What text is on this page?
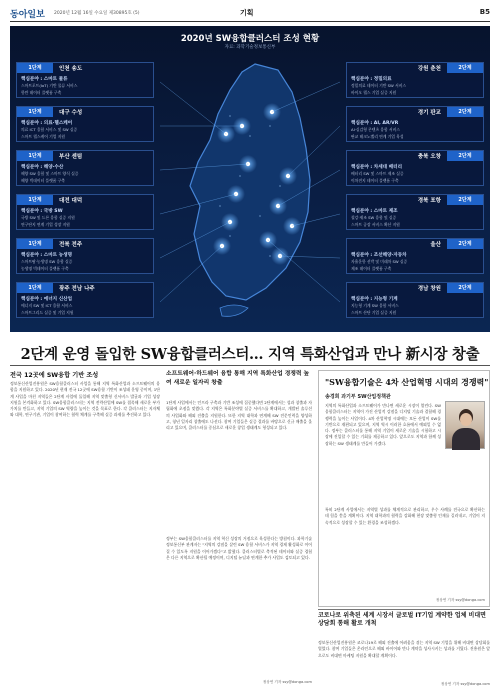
동아일보 2020년 12월 16일 수요일 제30895호 (5)	기획	B5
2020년 SW융합클러스터 조성 현황
자료: 과학기술정보통신부
1단계	인천 송도
핵심분야 : 스마트 물류
스마트포트(IoT) 기반 물류 서비스
항만 데이터 플랫폼 구축
1단계	대구 수성
핵심분야 : 의료·헬스케어
의료 ICT 융합 서비스 및 SW 실증
스마트 헬스케어 기업 지원
1단계	부산 센텀
핵심분야 : 해양·수산
해양 SW 융합 및 스마트 양식 실증
해양 빅데이터 플랫폼 구축
1단계	대전 대덕
핵심분야 : 국방 SW
국방 SW 및 드론 융합 실증 지원
연구단지 연계 기업 성장 지원
1단계	전북 전주
핵심분야 : 스마트 농생명
스마트팜·농생명 SW 융합 실증
농생명 빅데이터 플랫폼 구축
1단계	광주 전남 나주
핵심분야 : 에너지 신산업
에너지 SW 및 ICT 융합 서비스
스마트그리드 실증 및 기업 지원
2단계
강원 춘천
핵심분야 : 정밀의료
정밀의료 데이터 기반 SW 서비스
바이오 헬스 기업 실증 지원
2단계
경기 판교
핵심분야 : AI, AR/VR
AI·실감형 콘텐츠 융합 서비스
판교 테크노밸리 연계 기업 육성
2단계
충북 오창
핵심분야 : 차세대 배터리
배터리 SW 및 스마트 제조 실증
이차전지 데이터 플랫폼 구축
2단계
경북 포항
핵심분야 : 스마트 제조
철강·제조 SW 융합 및 실증
스마트 공장 서비스 확산 지원
2단계
울산
핵심분야 : 조선해양·자동차
자율운항 선박 및 미래차 SW 실증
제조 데이터 플랫폼 구축
2단계
경남 창원
핵심분야 : 지능형 기계
지능형 기계 SW 융합 서비스
스마트 산단 기업 실증 지원
2단계 운영 돌입한 SW융합클러스터… 지역 특화산업과 만나 新시장 창출
전국 12곳에 SW융합 기반 조성
정보통신산업진흥원은 SW융합클러스터 사업을 통해 지역 특화산업과 소프트웨어의 융합을 지원하고 있다. 2020년 현재 전국 12곳에 SW융합 기반이 조성돼 운영 중이며, 1단계 사업을 마친 지역들은 2단계 사업에 돌입해 지역 맞춤형 신서비스 발굴과 기업 성장 지원을 본격화하고 있다. SW융합클러스터는 지역 전략산업에 SW를 접목해 새로운 부가가치를 만들고, 지역 기업의 SW 역량을 높이는 것을 목표로 한다. 각 클러스터는 지자체와 대학, 연구기관, 기업이 참여하는 협력 체계를 구축해 실증 과제를 추진하고 있다.
소프트웨어·하드웨어 융합 통해 지역 특화산업 경쟁력 높여 새로운 일자리 창출
1단계 사업에서는 인프라 구축과 기반 조성에 집중했다면 2단계에서는 성과 창출과 자립화에 초점을 맞췄다. 각 지역은 특화분야별 실증 서비스를 확대하고, 개발된 솔루션의 사업화와 해외 진출을 지원한다. 또한 지역 대학과 연계해 SW 전문인력을 양성하고, 청년 일자리 창출에도 나선다. 참여 기업들은 실증 결과를 바탕으로 신규 매출을 올리고 있으며, 클러스터를 중심으로 새로운 창업 생태계도 형성되고 있다.
정부는 SW융합클러스터를 지역 혁신 성장의 거점으로 육성한다는 방침이다. 과학기술정보통신부 관계자는 "지역의 강점을 살린 SW 융합 서비스가 지역 경제 활성화로 이어질 수 있도록 지원을 이어가겠다"고 밝혔다. 클러스터별로 축적된 데이터와 실증 경험은 다른 지역으로 확산될 예정이며, 디지털 뉴딜과 연계한 추가 사업도 검토되고 있다.
정상연 기자 ssy@donga.com
"SW융합기술은 4차 산업혁명 시대의 경쟁력"
송경희 과기부 SW산업정책관
지역의 특화산업과 소프트웨어가 만나면 새로운 시장이 열린다. SW융합클러스터는 지역이 가진 산업적 강점을 디지털 기술과 결합해 경쟁력을 높이는 사업이다. 4차 산업혁명 시대에는 모든 산업이 SW를 기반으로 재편되고 있으며, 지역 역시 이러한 흐름에서 예외일 수 없다. 정부는 클러스터를 통해 지역 기업이 새로운 기술을 시험하고 시장에 진입할 수 있는 기회를 제공하고 있다. 앞으로도 지역과 함께 성장하는 SW 생태계를 만들어 가겠다.
특히 2단계 사업에서는 지역별 성과를 체계적으로 관리하고, 우수 사례를 전국으로 확산하는 데 힘을 쏟을 계획이다. 지역 대학과의 협력을 강화해 현장 맞춤형 인재를 길러내고, 기업이 지속적으로 성장할 수 있는 환경을 조성하겠다.
정상연 기자 ssy@donga.com
코로나로 위축된 세계 시장서 글로벌 IT기업 계약한 업체 비대면 상담회 통해 활로 개척
정보통신산업진흥원은 코로나19로 해외 진출에 어려움을 겪는 지역 SW 기업을 위해 비대면 상담회를 열었다. 참여 기업들은 온라인으로 해외 바이어와 만나 계약을 성사시키는 성과를 거뒀다. 진흥원은 앞으로도 비대면 마케팅 지원을 확대할 계획이다.
정상연 기자 ssy@donga.com
